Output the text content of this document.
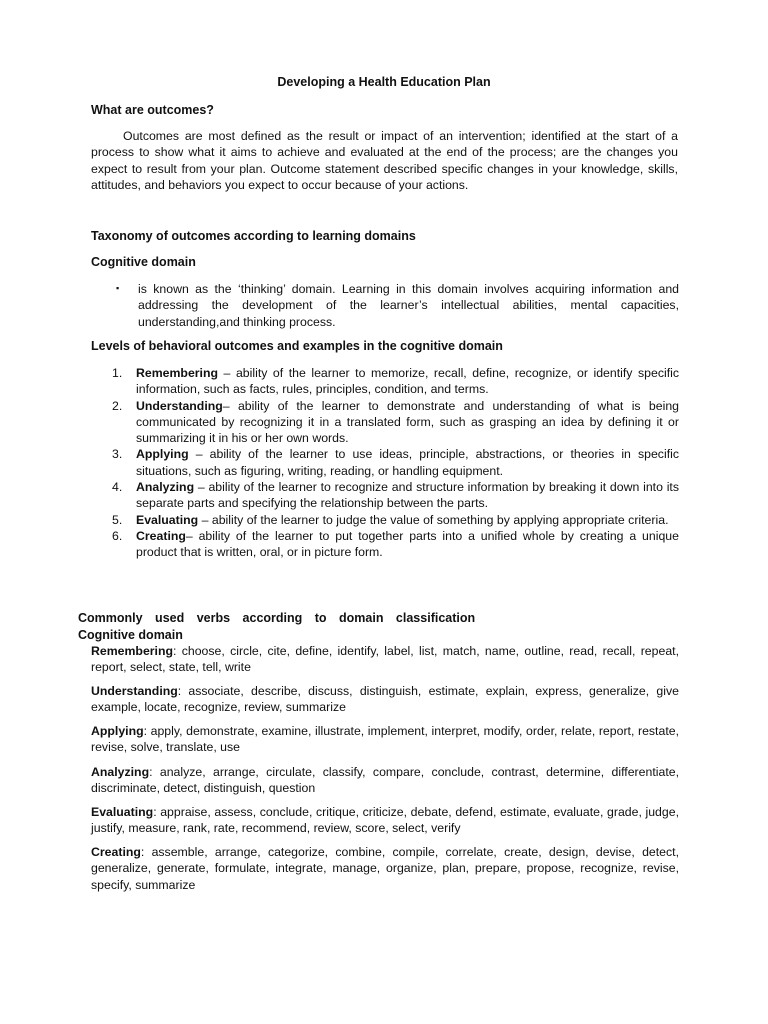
Developing a Health Education Plan
What are outcomes?
Outcomes are most defined as the result or impact of an intervention; identified at the start of a process to show what it aims to achieve and evaluated at the end of the process; are the changes you expect to result from your plan. Outcome statement described specific changes in your knowledge, skills, attitudes, and behaviors you expect to occur because of your actions.
Taxonomy of outcomes according to learning domains
Cognitive domain
▪ is known as the ‘thinking’ domain. Learning in this domain involves acquiring information and addressing the development of the learner’s intellectual abilities, mental capacities, understanding,and thinking process.
Levels of behavioral outcomes and examples in the cognitive domain
1. Remembering – ability of the learner to memorize, recall, define, recognize, or identify specific information, such as facts, rules, principles, condition, and terms.
2. Understanding– ability of the learner to demonstrate and understanding of what is being communicated by recognizing it in a translated form, such as grasping an idea by defining it or summarizing it in his or her own words.
3. Applying – ability of the learner to use ideas, principle, abstractions, or theories in specific situations, such as figuring, writing, reading, or handling equipment.
4. Analyzing – ability of the learner to recognize and structure information by breaking it down into its separate parts and specifying the relationship between the parts.
5. Evaluating – ability of the learner to judge the value of something by applying appropriate criteria.
6. Creating– ability of the learner to put together parts into a unified whole by creating a unique product that is written, oral, or in picture form.
Commonly used verbs according to domain classification
Cognitive domain
Remembering: choose, circle, cite, define, identify, label, list, match, name, outline, read, recall, repeat, report, select, state, tell, write
Understanding: associate, describe, discuss, distinguish, estimate, explain, express, generalize, give example, locate, recognize, review, summarize
Applying: apply, demonstrate, examine, illustrate, implement, interpret, modify, order, relate, report, restate, revise, solve, translate, use
Analyzing: analyze, arrange, circulate, classify, compare, conclude, contrast, determine, differentiate, discriminate, detect, distinguish, question
Evaluating: appraise, assess, conclude, critique, criticize, debate, defend, estimate, evaluate, grade, judge, justify, measure, rank, rate, recommend, review, score, select, verify
Creating: assemble, arrange, categorize, combine, compile, correlate, create, design, devise, detect, generalize, generate, formulate, integrate, manage, organize, plan, prepare, propose, recognize, revise, specify, summarize
